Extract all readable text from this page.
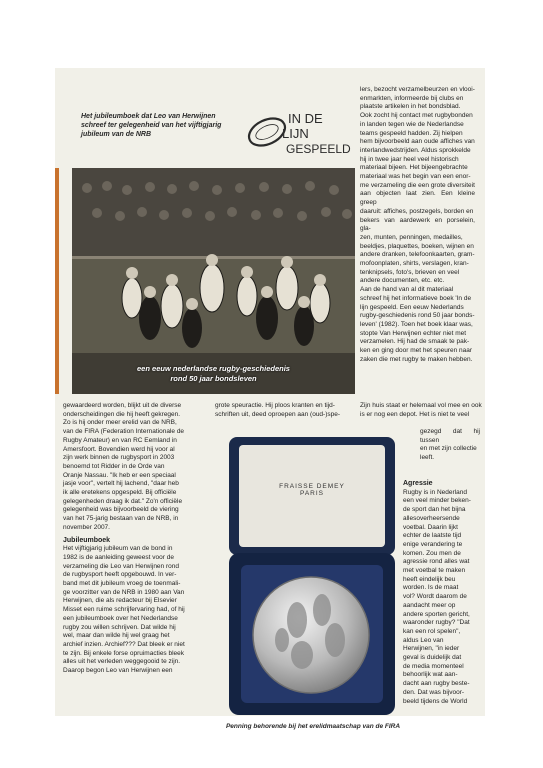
Het jubileumboek dat Leo van Herwijnen schreef ter gelegenheid van het vijftigjarig jubileum van de NRB
IN DE
LIJN
GESPEELD
een eeuw nederlandse rugby-geschiedenis
rond 50 jaar bondsleven

lers, bezocht verzamelbeurzen en vlooi-

enmarkten, informeerde bij clubs en

plaatste artikelen in het bondsblad.

Ook zocht hij contact met rugbybonden

in landen tegen wie de Nederlandse

teams gespeeld hadden. Zij hielpen

hem bijvoorbeeld aan oude affiches van

interlandwedstrijden. Aldus sprokkelde

hij in twee jaar heel veel historisch

materiaal bijeen. Het bijeengebrachte

materiaal was het begin van een enor-

me verzameling die een grote diversiteit

aan objecten laat zien. Een kleine greep

daaruit: affiches, postzegels, borden en

bekers van aardewerk en porselein, gla-

zen, munten, penningen, medailles,

beeldjes, plaquettes, boeken, wijnen en

andere dranken, telefoonkaarten, gram-

mofoonplaten, shirts, verslagen, kran-

tenknipsels, foto's, brieven en veel

andere documenten, etc. etc.

Aan de hand van al dit materiaal

schreef hij het informatieve boek 'In de

lijn gespeeld. Een eeuw Nederlands

rugby-geschiedenis rond 50 jaar bonds-

leven' (1982). Toen het boek klaar was,

stopte Van Herwijnen echter niet met

verzamelen. Hij had de smaak te pak-

ken en ging door met het speuren naar

zaken die met rugby te maken hebben.

Zijn huis staat er helemaal vol mee en ook

is er nog een depot. Het is niet te veel

gezegd dat hij tussen

en met zijn collectie

leeft.

Agressie

Rugby is in Nederland

een veel minder beken-

de sport dan het bijna

allesoverheersende

voetbal. Daarin lijkt

echter de laatste tijd

enige verandering te

komen. Zou men de

agressie rond alles wat

met voetbal te maken

heeft eindelijk beu

worden. Is de maat

vol? Wordt daarom de

aandacht meer op

andere sporten gericht,

waaronder rugby? "Dat

kan een rol spelen",

aldus Leo van

Herwijnen, "in ieder

geval is duidelijk dat

de media momenteel

behoorlijk wat aan-

dacht aan rugby beste-

den. Dat was bijvoor-

beeld tijdens de World

gewaardeerd worden, blijkt uit de diverse

onderscheidingen die hij heeft gekregen.

Zo is hij onder meer erelid van de NRB,

van de FIRA (Federation Internationale de

Rugby Amateur) en van RC Eemland in

Amersfoort. Bovendien werd hij voor al

zijn werk binnen de rugbysport in 2003

benoemd tot Ridder in de Orde van

Oranje Nassau. "Ik heb er een speciaal

jasje voor", vertelt hij lachend, "daar heb

ik alle eretekens opgespeld. Bij officiële

gelegenheden draag ik dat." Zo'n officiële

gelegenheid was bijvoorbeeld de viering

van het 75-jarig bestaan van de NRB, in

november 2007.

Jubileumboek

Het vijftigjarig jubileum van de bond in

1982 is de aanleiding geweest voor de

verzameling die Leo van Herwijnen rond

de rugbysport heeft opgebouwd. In ver-

band met dit jubileum vroeg de toenmali-

ge voorzitter van de NRB in 1980 aan Van

Herwijnen, die als redacteur bij Elsevier

Misset een ruime schrijfervaring had, of hij

een jubileumboek over het Nederlandse

rugby zou willen schrijven. Dat wilde hij

wel, maar dan wilde hij wel graag het

archief inzien. Archief??? Dat bleek er niet

te zijn. Bij enkele forse opruimacties bleek

alles uit het verleden weggegooid te zijn.

Daarop begon Leo van Herwijnen een

grote speuractie. Hij ploos kranten en tijd-

schriften uit, deed oproepen aan (oud-)spe-

FRAISSE DEMEY
PARIS
Penning behorende bij het erelidmaatschap van de FIRA
